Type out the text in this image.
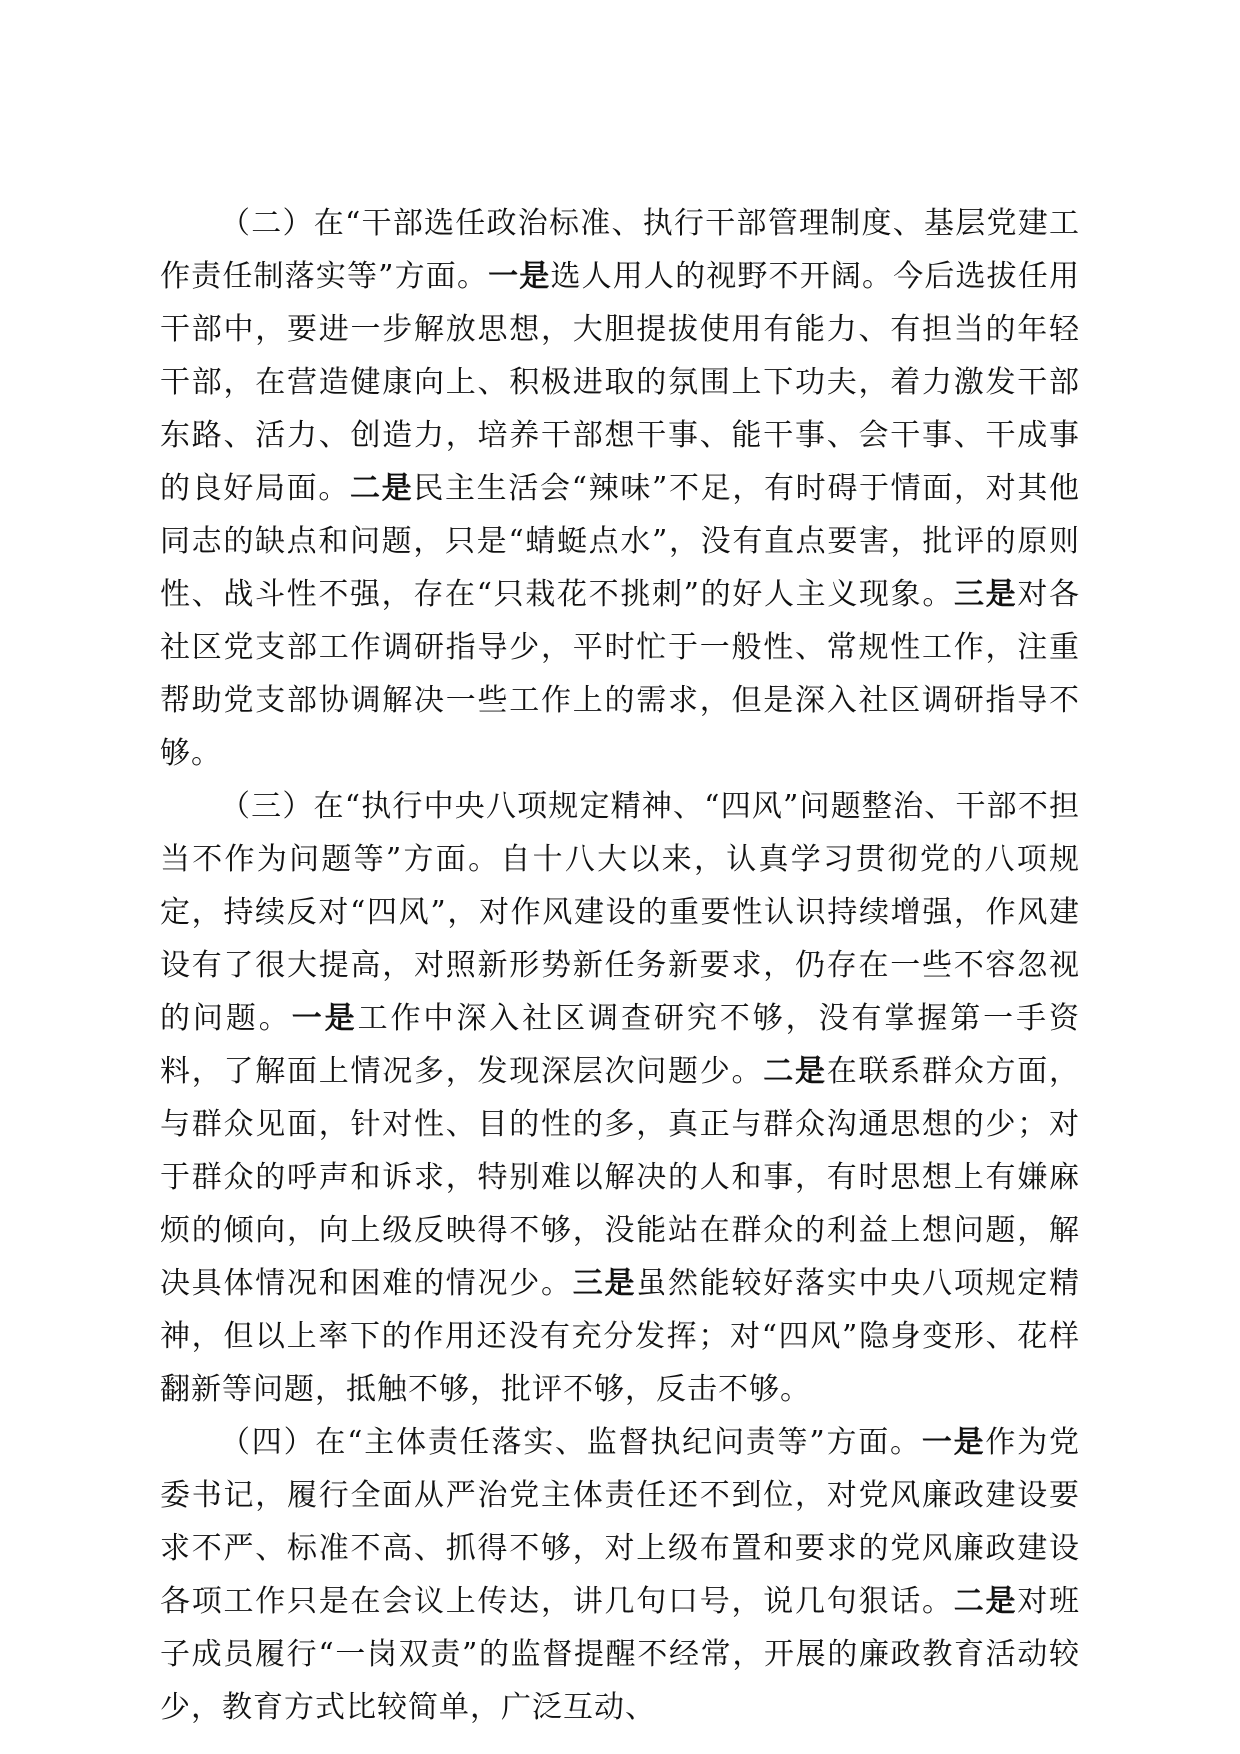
（二）在“干部选任政治标准、执行干部管理制度、基层党建工作责任制落实等”方面。一是选人用人的视野不开阔。今后选拔任用干部中，要进一步解放思想，大胆提拔使用有能力、有担当的年轻干部，在营造健康向上、积极进取的氛围上下功夫，着力激发干部东路、活力、创造力，培养干部想干事、能干事、会干事、干成事的良好局面。二是民主生活会“辣味”不足，有时碍于情面，对其他同志的缺点和问题，只是“蜻蜓点水”，没有直点要害，批评的原则性、战斗性不强，存在“只栽花不挑刺”的好人主义现象。三是对各社区党支部工作调研指导少，平时忙于一般性、常规性工作，注重帮助党支部协调解决一些工作上的需求，但是深入社区调研指导不够。

（三）在“执行中央八项规定精神、“四风”问题整治、干部不担当不作为问题等”方面。自十八大以来，认真学习贯彻党的八项规定，持续反对“四风”，对作风建设的重要性认识持续增强，作风建设有了很大提高，对照新形势新任务新要求，仍存在一些不容忽视的问题。一是工作中深入社区调查研究不够，没有掌握第一手资料，了解面上情况多，发现深层次问题少。二是在联系群众方面，与群众见面，针对性、目的性的多，真正与群众沟通思想的少；对于群众的呼声和诉求，特别难以解决的人和事，有时思想上有嫌麻烦的倾向，向上级反映得不够，没能站在群众的利益上想问题，解决具体情况和困难的情况少。三是虽然能较好落实中央八项规定精神，但以上率下的作用还没有充分发挥；对“四风”隐身变形、花样翻新等问题，抵触不够，批评不够，反击不够。

（四）在“主体责任落实、监督执纪问责等”方面。一是作为党委书记，履行全面从严治党主体责任还不到位，对党风廉政建设要求不严、标准不高、抓得不够，对上级布置和要求的党风廉政建设各项工作只是在会议上传达，讲几句口号，说几句狠话。二是对班子成员履行“一岗双责”的监督提醒不经常，开展的廉政教育活动较少，教育方式比较简单，广泛互动、
